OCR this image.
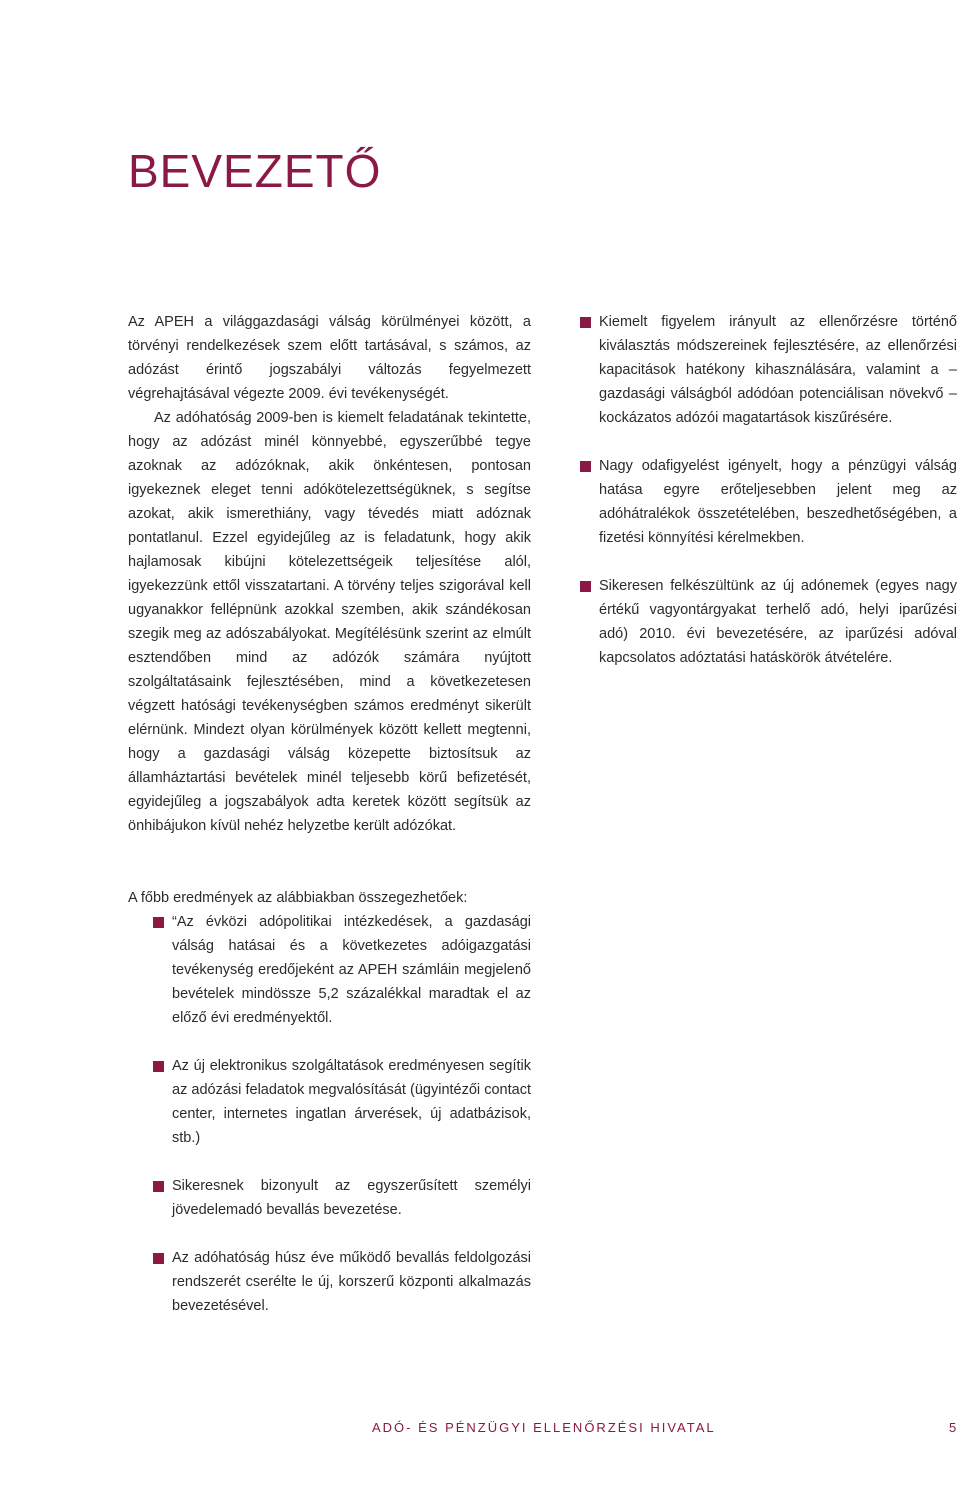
BEVEZETŐ

Az APEH a világgazdasági válság körülményei között, a törvényi rendelkezések szem előtt tartásával, s számos, az adózást érintő jogszabályi változás fegyelmezett végrehajtásával végezte 2009. évi tevékenységét.

Az adóhatóság 2009-ben is kiemelt feladatának tekintette, hogy az adózást minél könnyebbé, egyszerűbbé tegye azoknak az adózóknak, akik önkéntesen, pontosan igyekeznek eleget tenni adókötelezettségüknek, s segítse azokat, akik ismerethiány, vagy tévedés miatt adóznak pontatlanul. Ezzel egyidejűleg az is feladatunk, hogy akik hajlamosak kibújni kötelezettségeik teljesítése alól, igyekezzünk ettől visszatartani. A törvény teljes szigorával kell ugyanakkor fellépnünk azokkal szemben, akik szándékosan szegik meg az adószabályokat. Megítélésünk szerint az elmúlt esztendőben mind az adózók számára nyújtott szolgáltatásaink fejlesztésében, mind a következetesen végzett hatósági tevékenységben számos eredményt sikerült elérnünk. Mindezt olyan körülmények között kellett megtenni, hogy a gazdasági válság közepette biztosítsuk az államháztartási bevételek minél teljesebb körű befizetését, egyidejűleg a jogszabályok adta keretek között segítsük az önhibájukon kívül nehéz helyzetbe került adózókat.

Kiemelt figyelem irányult az ellenőrzésre történő kiválasztás módszereinek fejlesztésére, az ellenőrzési kapacitások hatékony kihasználására, valamint a – gazdasági válságból adódóan potenciálisan növekvő – kockázatos adózói magatartások kiszűrésére.
Nagy odafigyelést igényelt, hogy a pénzügyi válság hatása egyre erőteljesebben jelent meg az adóhátralékok összetételében, beszedhetőségében, a fizetési könnyítési kérelmekben.
Sikeresen felkészültünk az új adónemek (egyes nagy értékű vagyontárgyakat terhelő adó, helyi iparűzési adó) 2010. évi bevezetésére, az iparűzési adóval kapcsolatos adóztatási hatáskörök átvételére.
A főbb eredmények az alábbiakban összegezhetőek:
“Az évközi adópolitikai intézkedések, a gazdasági válság hatásai és a következetes adóigazgatási tevékenység eredőjeként az APEH számláin megjelenő bevételek mindössze 5,2 százalékkal maradtak el az előző évi eredményektől.
Az új elektronikus szolgáltatások eredményesen segítik az adózási feladatok megvalósítását (ügyintézői contact center, internetes ingatlan árverések, új adatbázisok, stb.)
Sikeresnek bizonyult az egyszerűsített személyi jövedelemadó bevallás bevezetése.
Az adóhatóság húsz éve működő bevallás feldolgozási rendszerét cserélte le új, korszerű központi alkalmazás bevezetésével.
ADÓ- ÉS PÉNZÜGYI ELLENŐRZÉSI HIVATAL	5
